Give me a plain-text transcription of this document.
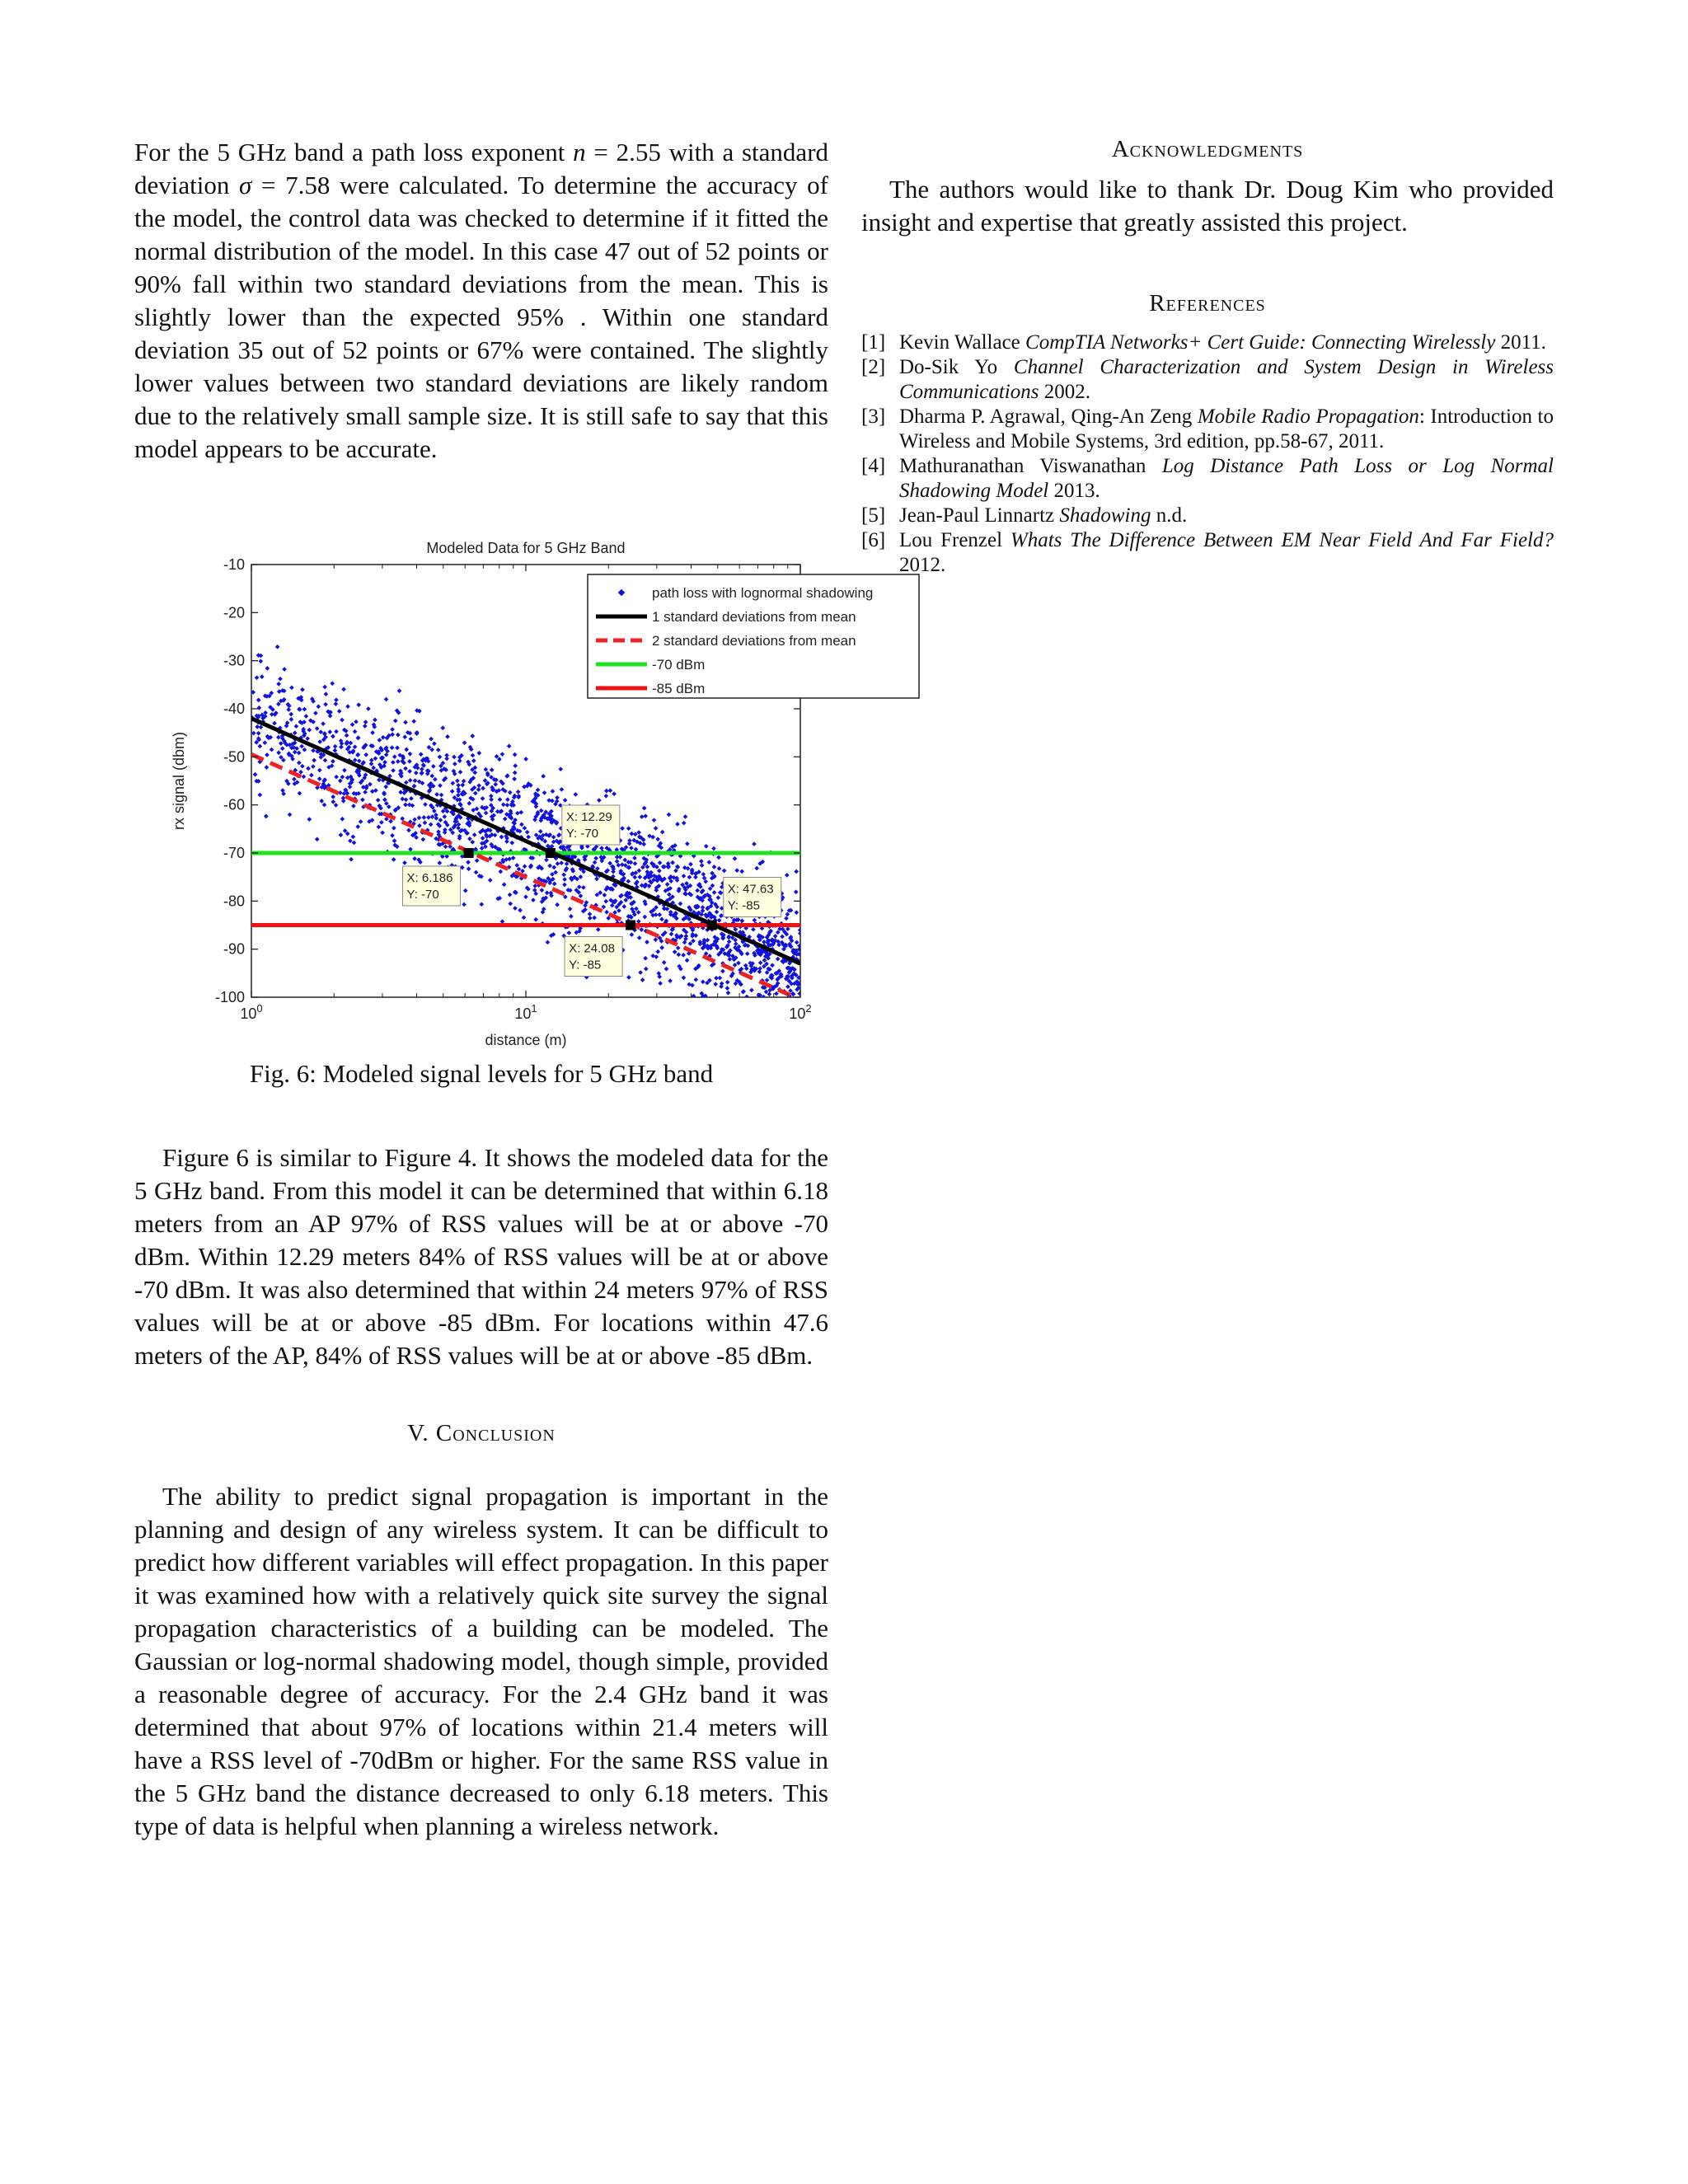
For the 5 GHz band a path loss exponent n = 2.55 with a standard deviation σ = 7.58 were calculated. To determine the accuracy of the model, the control data was checked to determine if it fitted the normal distribution of the model. In this case 47 out of 52 points or 90% fall within two standard deviations from the mean. This is slightly lower than the expected 95% . Within one standard deviation 35 out of 52 points or 67% were contained. The slightly lower values between two standard deviations are likely random due to the relatively small sample size. It is still safe to say that this model appears to be accurate.

Modeled Data for 5 GHz Band
-10
-20
-30
-40
-50
-60
-70
-80
-90
-100
$10^0$	$10^1$	$10^2$
distance (m)
rx signal (dbm)
X: 6.186
Y: -70
X: 12.29
Y: -70
X: 24.08
Y: -85
X: 47.63
Y: -85
path loss with lognormal shadowing
1 standard deviations from mean
2 standard deviations from mean
-70 dBm
-85 dBm
Fig. 6: Modeled signal levels for 5 GHz band

Figure 6 is similar to Figure 4. It shows the modeled data for the 5 GHz band. From this model it can be determined that within 6.18 meters from an AP 97% of RSS values will be at or above -70 dBm. Within 12.29 meters 84% of RSS values will be at or above -70 dBm. It was also determined that within 24 meters 97% of RSS values will be at or above -85 dBm. For locations within 47.6 meters of the AP, 84% of RSS values will be at or above -85 dBm.

V. Conclusion

The ability to predict signal propagation is important in the planning and design of any wireless system. It can be difficult to predict how different variables will effect propagation. In this paper it was examined how with a relatively quick site survey the signal propagation characteristics of a building can be modeled. The Gaussian or log-normal shadowing model, though simple, provided a reasonable degree of accuracy. For the 2.4 GHz band it was determined that about 97% of locations within 21.4 meters will have a RSS level of -70dBm or higher. For the same RSS value in the 5 GHz band the distance decreased to only 6.18 meters. This type of data is helpful when planning a wireless network.

Acknowledgments

The authors would like to thank Dr. Doug Kim who provided insight and expertise that greatly assisted this project.

References

[1] Kevin Wallace CompTIA Networks+ Cert Guide: Connecting Wirelessly 2011.
[2] Do-Sik Yo Channel Characterization and System Design in Wireless Communications 2002.
[3] Dharma P. Agrawal, Qing-An Zeng Mobile Radio Propagation: Introduction to Wireless and Mobile Systems, 3rd edition, pp.58-67, 2011.
[4] Mathuranathan Viswanathan Log Distance Path Loss or Log Normal Shadowing Model 2013.
[5] Jean-Paul Linnartz Shadowing n.d.
[6] Lou Frenzel Whats The Difference Between EM Near Field And Far Field? 2012.
